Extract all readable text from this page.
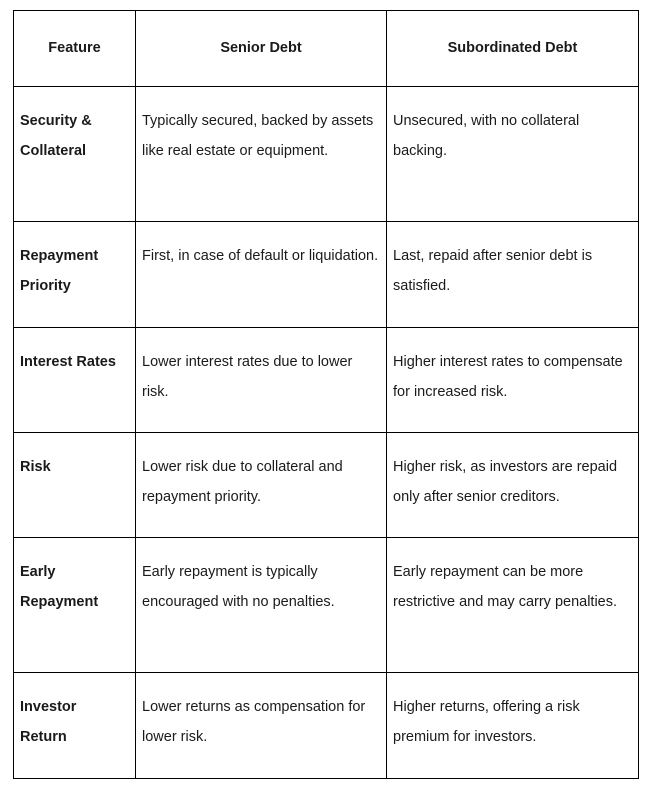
Feature	Senior Debt	Subordinated Debt
Security & Collateral	Typically secured, backed by assets like real estate or equipment.	Unsecured, with no collateral backing.
Repayment Priority	First, in case of default or liquidation.	Last, repaid after senior debt is satisfied.
Interest Rates	Lower interest rates due to lower risk.	Higher interest rates to compensate for increased risk.
Risk	Lower risk due to collateral and repayment priority.	Higher risk, as investors are repaid only after senior creditors.
Early Repayment	Early repayment is typically encouraged with no penalties.	Early repayment can be more restrictive and may carry penalties.
Investor Return	Lower returns as compensation for lower risk.	Higher returns, offering a risk premium for investors.
